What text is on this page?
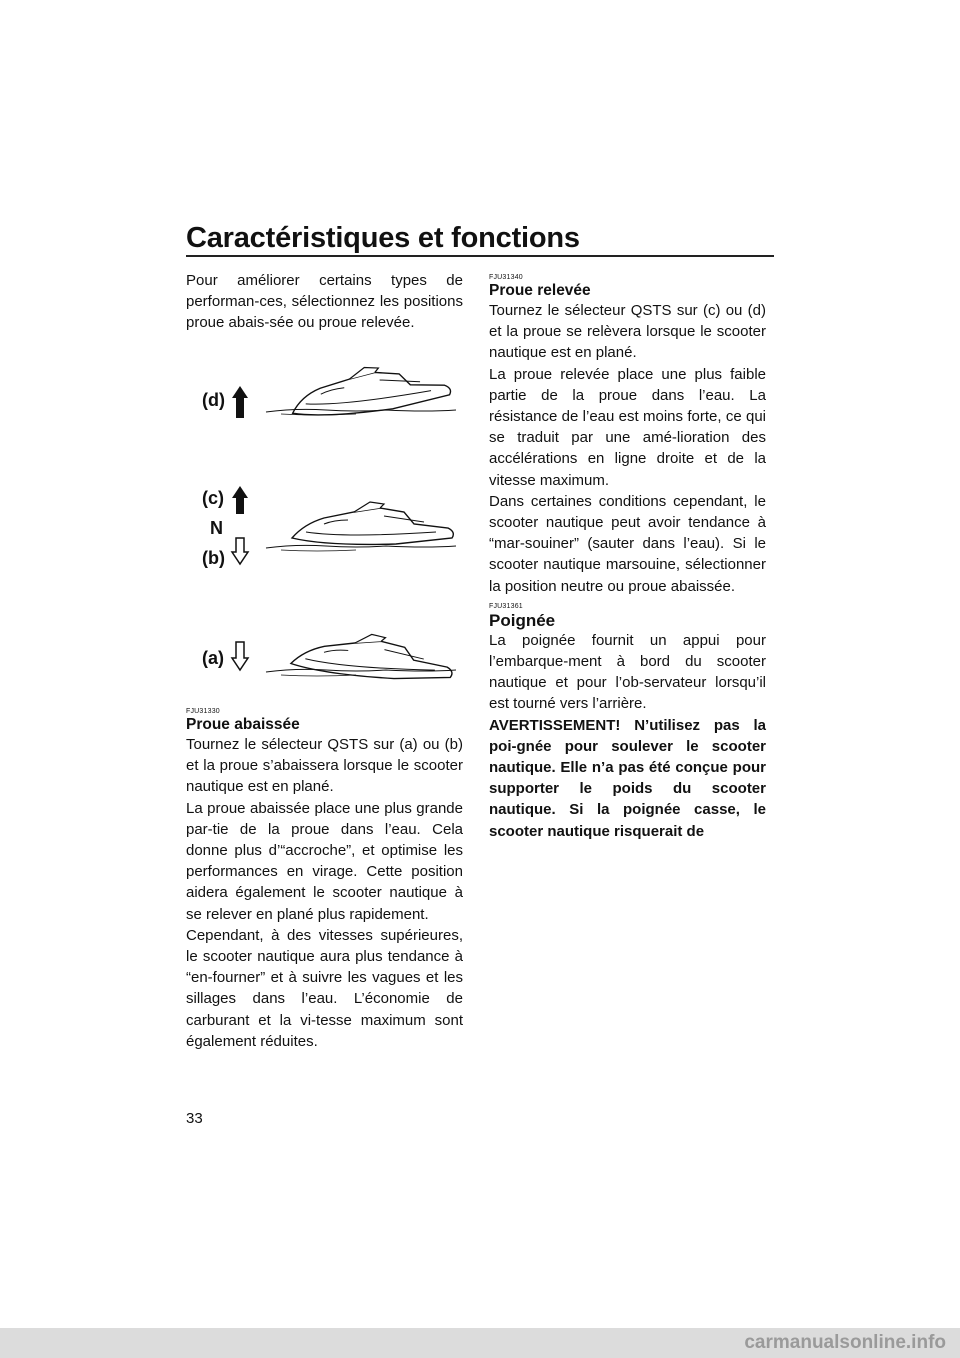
Caractéristiques et fonctions

Pour améliorer certains types de performan-ces, sélectionnez les positions proue abais-sée ou proue relevée.

(d)
(c)
N
(b)
(a)
FJU31330
Proue abaissée

Tournez le sélecteur QSTS sur (a) ou (b) et la proue s’abaissera lorsque le scooter nautique est en plané.

La proue abaissée place une plus grande par-tie de la proue dans l’eau. Cela donne plus d’“accroche”, et optimise les performances en virage. Cette position aidera également le scooter nautique à se relever en plané plus rapidement.

Cependant, à des vitesses supérieures, le scooter nautique aura plus tendance à “en-fourner” et à suivre les vagues et les sillages dans l’eau. L’économie de carburant et la vi-tesse maximum sont également réduites.

FJU31340
Proue relevée

Tournez le sélecteur QSTS sur (c) ou (d) et la proue se relèvera lorsque le scooter nautique est en plané.

La proue relevée place une plus faible partie de la proue dans l’eau. La résistance de l’eau est moins forte, ce qui se traduit par une amé-lioration des accélérations en ligne droite et de la vitesse maximum.

Dans certaines conditions cependant, le scooter nautique peut avoir tendance à “mar-souiner” (sauter dans l’eau). Si le scooter nautique marsouine, sélectionner la position neutre ou proue abaissée.

FJU31361
Poignée

La poignée fournit un appui pour l’embarque-ment à bord du scooter nautique et pour l’ob-servateur lorsqu’il est tourné vers l’arrière.

AVERTISSEMENT! N’utilisez pas la poi-gnée pour soulever le scooter nautique. Elle n’a pas été conçue pour supporter le poids du scooter nautique. Si la poignée casse, le scooter nautique risquerait de

33
carmanualsonline.info
